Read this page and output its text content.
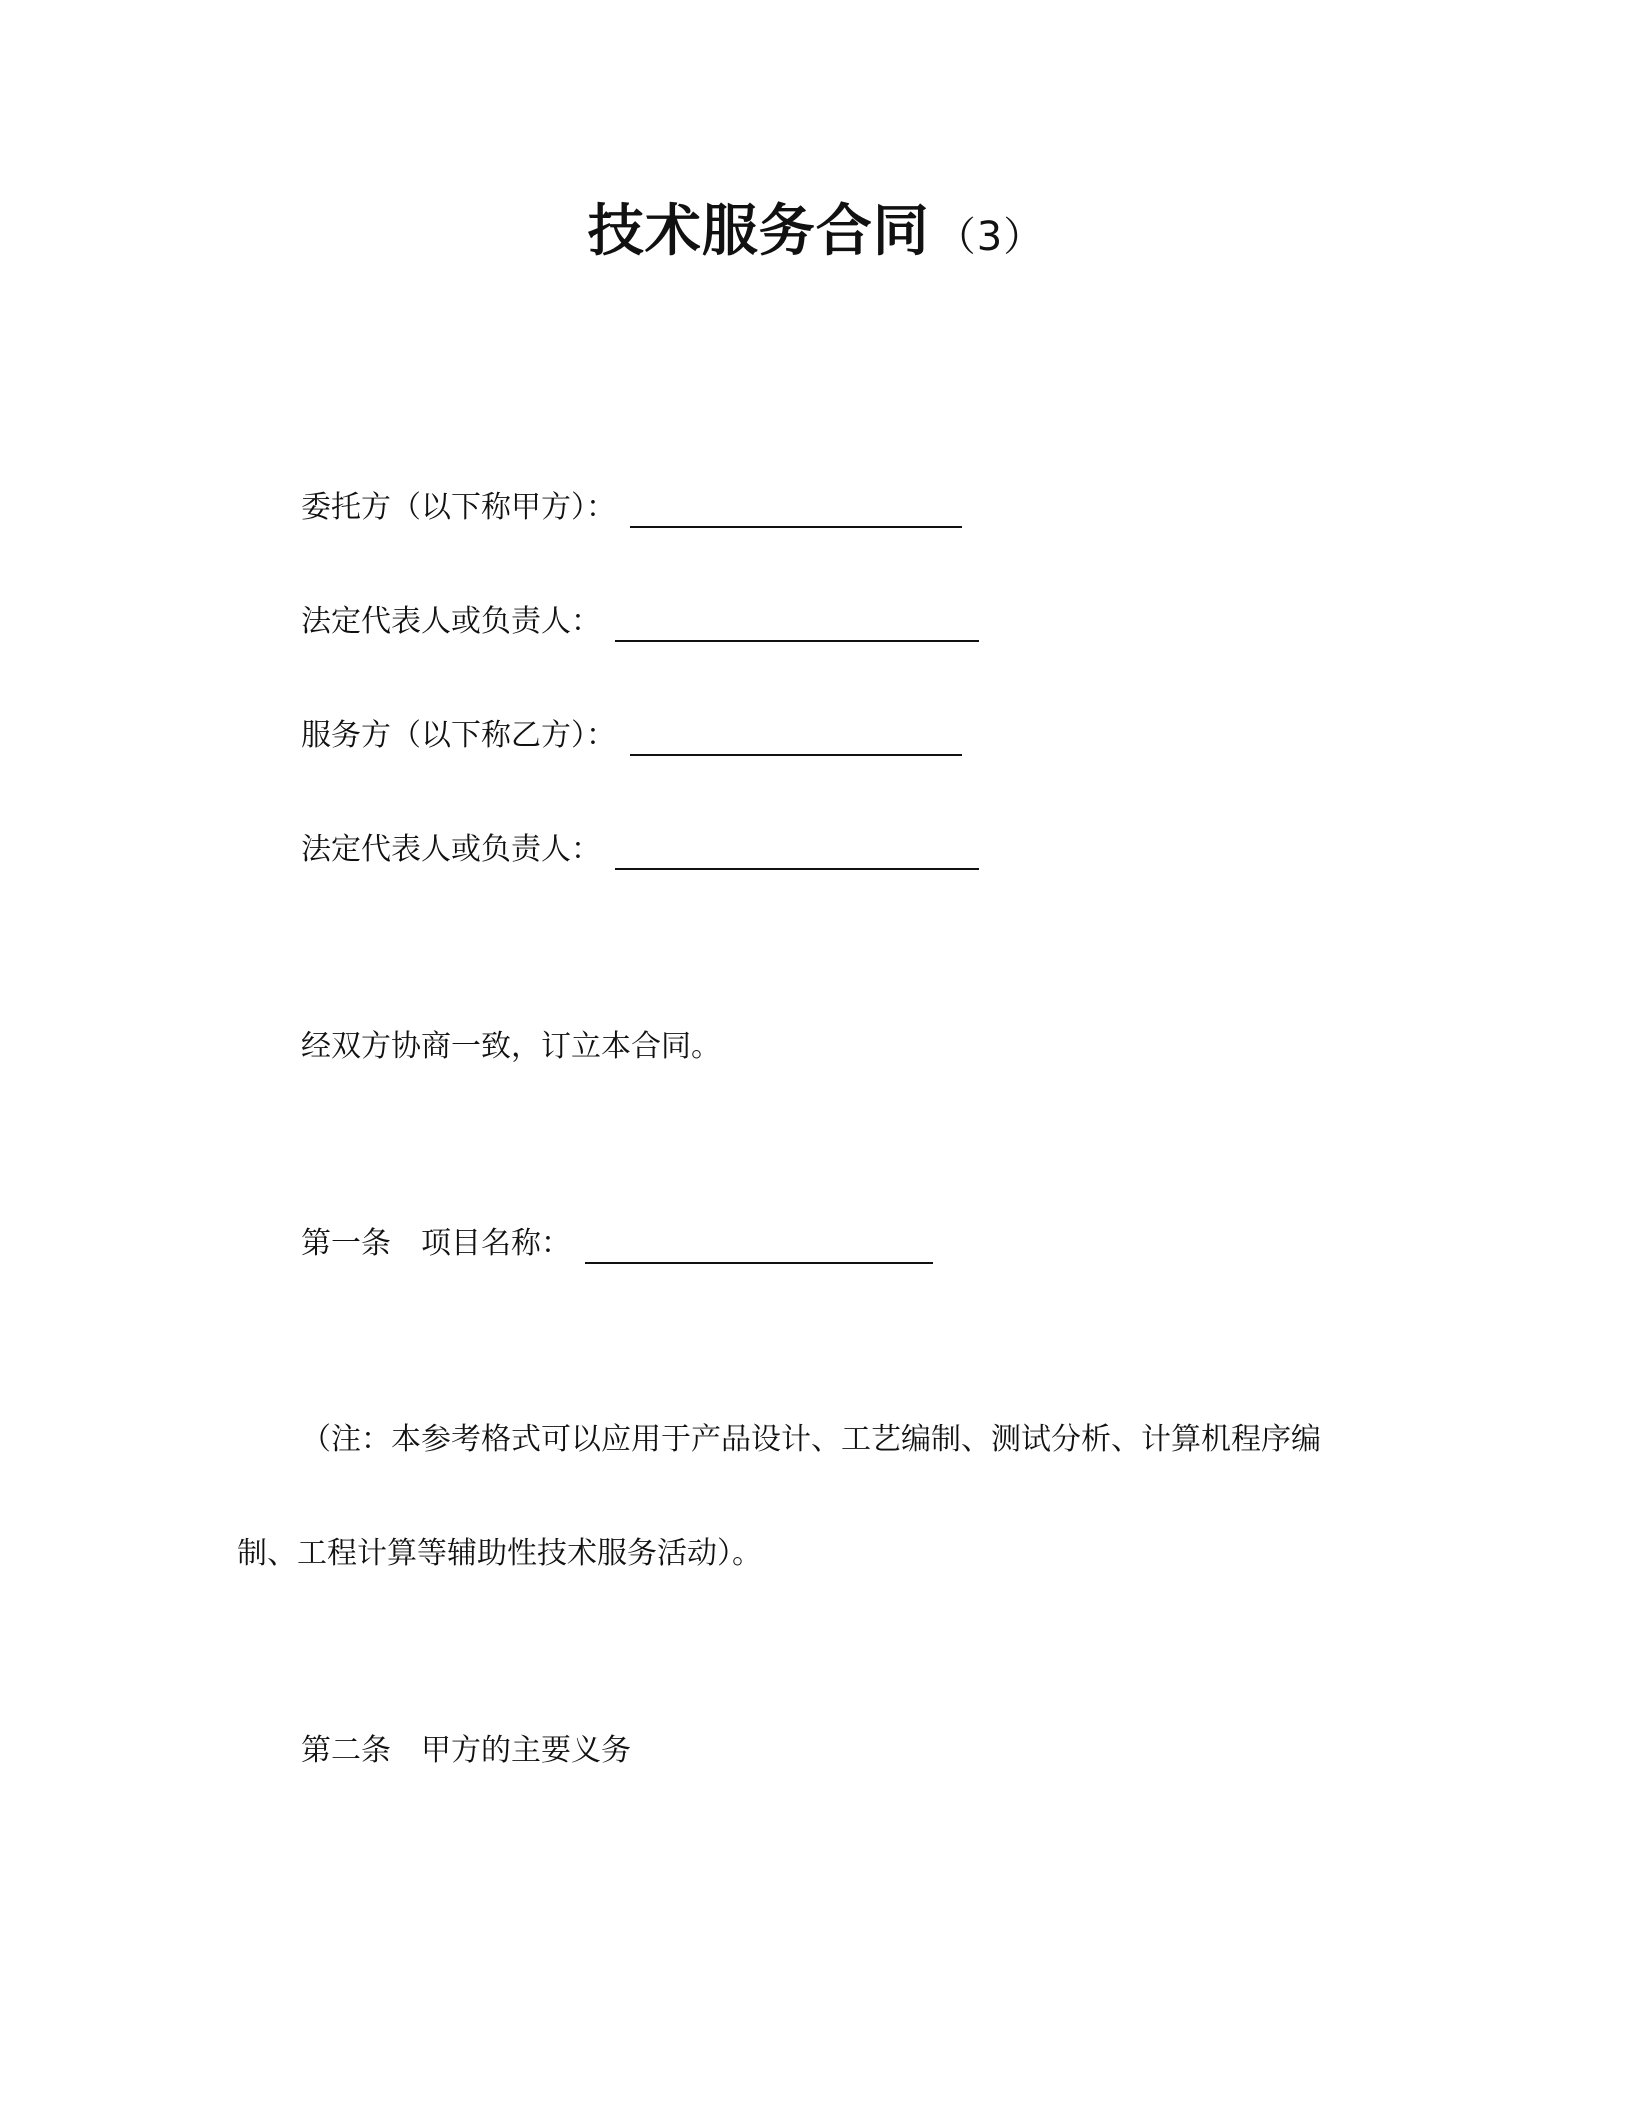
技术服务合同 （3）
委托方（以下称甲方）：
法定代表人或负责人：
服务方（以下称乙方）：
法定代表人或负责人：
经双方协商一致，订立本合同。
第一条　项目名称：
（注：本参考格式可以应用于产品设计、工艺编制、测试分析、计算机程序编
制、工程计算等辅助性技术服务活动）。
第二条　甲方的主要义务
